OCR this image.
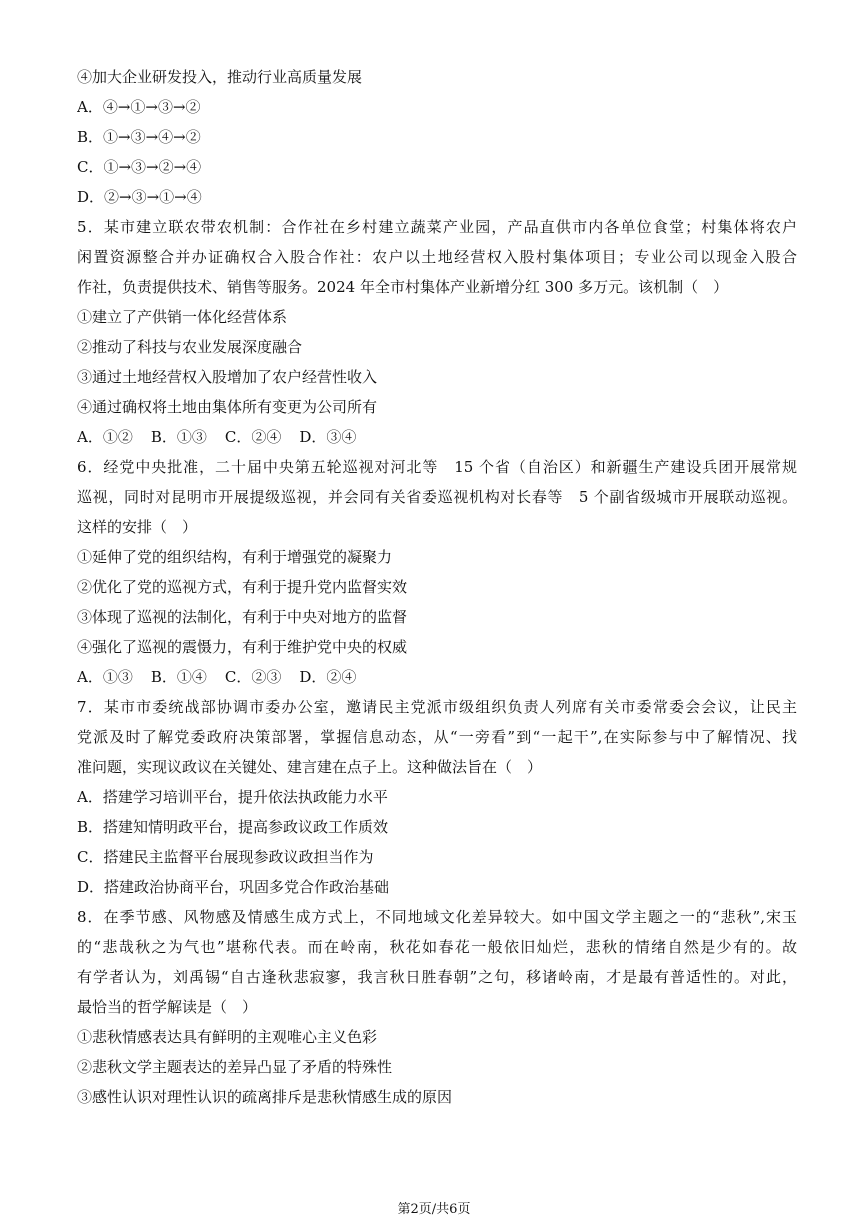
④加大企业研发投入，推动行业高质量发展
A．④→①→③→②
B．①→③→④→②
C．①→③→②→④
D．②→③→①→④
5．某市建立联农带农机制：合作社在乡村建立蔬菜产业园，产品直供市内各单位食堂；村集体将农户
闲置资源整合并办证确权合入股合作社：农户以土地经营权入股村集体项目；专业公司以现金入股合
作社，负责提供技术、销售等服务。2024 年全市村集体产业新增分红 300 多万元。该机制（　）
①建立了产供销一体化经营体系
②推动了科技与农业发展深度融合
③通过土地经营权入股增加了农户经营性收入
④通过确权将土地由集体所有变更为公司所有
A．①② B．①③ C．②④ D．③④
6．经党中央批准，二十届中央第五轮巡视对河北等　15 个省（自治区）和新疆生产建设兵团开展常规
巡视，同时对昆明市开展提级巡视，并会同有关省委巡视机构对长春等　5 个副省级城市开展联动巡视。
这样的安排（　）
①延伸了党的组织结构，有利于增强党的凝聚力
②优化了党的巡视方式，有利于提升党内监督实效
③体现了巡视的法制化，有利于中央对地方的监督
④强化了巡视的震慑力，有利于维护党中央的权威
A．①③ B．①④ C．②③ D．②④
7．某市市委统战部协调市委办公室，邀请民主党派市级组织负责人列席有关市委常委会会议，让民主
党派及时了解党委政府决策部署，掌握信息动态，从“一旁看”到“一起干”,在实际参与中了解情况、找
准问题，实现议政议在关键处、建言建在点子上。这种做法旨在（　）
A．搭建学习培训平台，提升依法执政能力水平
B．搭建知情明政平台，提高参政议政工作质效
C．搭建民主监督平台展现参政议政担当作为
D．搭建政治协商平台，巩固多党合作政治基础
8．在季节感、风物感及情感生成方式上，不同地域文化差异较大。如中国文学主题之一的“悲秋”,宋玉
的“悲哉秋之为气也”堪称代表。而在岭南，秋花如春花一般依旧灿烂，悲秋的情绪自然是少有的。故
有学者认为，刘禹锡“自古逢秋悲寂寥，我言秋日胜春朝”之句，移诸岭南，才是最有普适性的。对此，
最恰当的哲学解读是（　）
①悲秋情感表达具有鲜明的主观唯心主义色彩
②悲秋文学主题表达的差异凸显了矛盾的特殊性
③感性认识对理性认识的疏离排斥是悲秋情感生成的原因
第2页/共6页
